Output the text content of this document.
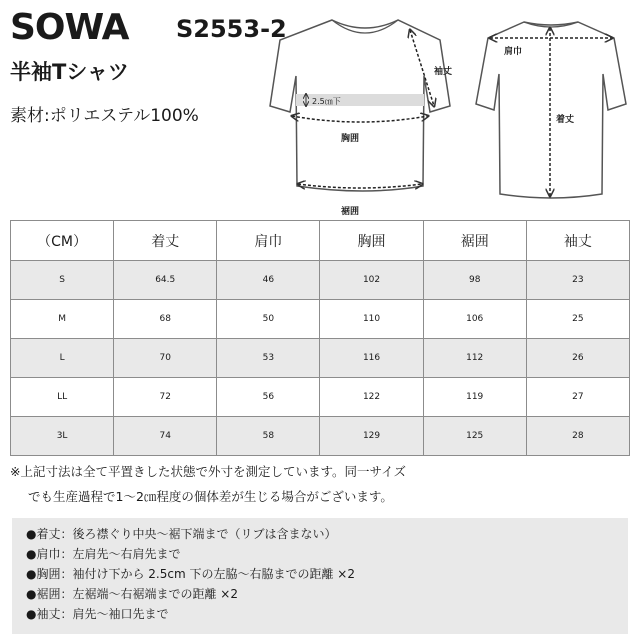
SOWA S2553-2
半袖Tシャツ
素材:ポリエステル100%
2.5㎝下
胸囲
裾囲
袖丈
肩巾
着丈
（CM）	着丈	肩巾	胸囲	裾囲	袖丈
S	64.5	46	102	98	23
M	68	50	110	106	25
L	70	53	116	112	26
LL	72	56	122	119	27
3L	74	58	129	125	28
※上記寸法は全て平置きした状態で外寸を測定しています。同一サイズ
でも生産過程で1〜2㎝程度の個体差が生じる場合がございます。
●着丈：後ろ襟ぐり中央〜裾下端まで（リブは含まない）
●肩巾：左肩先〜右肩先まで
●胸囲：袖付け下から 2.5cm 下の左脇〜右脇までの距離 ×2
●裾囲：左裾端〜右裾端までの距離 ×2
●袖丈：肩先〜袖口先まで
